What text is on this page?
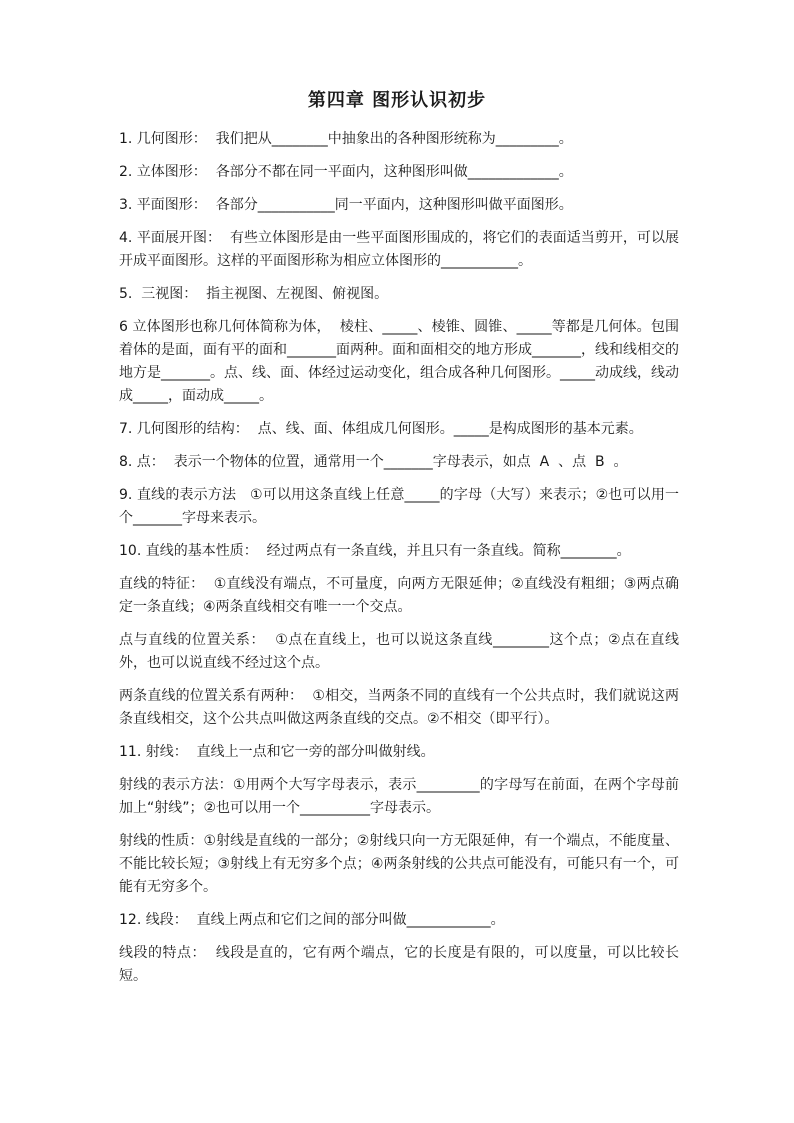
第四章 图形认识初步

1. 几何图形：  我们把从________中抽象出的各种图形统称为_________。

2. 立体图形：  各部分不都在同一平面内，这种图形叫做_____________。

3. 平面图形：  各部分___________同一平面内，这种图形叫做平面图形。

4. 平面展开图：  有些立体图形是由一些平面图形围成的，将它们的表面适当剪开，可以展开成平面图形。这样的平面图形称为相应立体图形的___________。

5.  三视图：  指主视图、左视图、俯视图。

6 立体图形也称几何体简称为体，  棱柱、_____、棱锥、圆锥、_____等都是几何体。包围着体的是面，面有平的面和_______面两种。面和面相交的地方形成_______，线和线相交的地方是_______。点、线、面、体经过运动变化，组合成各种几何图形。_____动成线，线动成_____，面动成_____。

7. 几何图形的结构：  点、线、面、体组成几何图形。_____是构成图形的基本元素。

8. 点：  表示一个物体的位置，通常用一个_______字母表示，如点  A  、点  B  。

9. 直线的表示方法   ①可以用这条直线上任意_____的字母（大写）来表示；②也可以用一个_______字母来表示。

10. 直线的基本性质：  经过两点有一条直线，并且只有一条直线。简称________。

直线的特征：  ①直线没有端点，不可量度，向两方无限延伸；②直线没有粗细；③两点确定一条直线；④两条直线相交有唯一一个交点。

点与直线的位置关系：  ①点在直线上，也可以说这条直线________这个点；②点在直线外，也可以说直线不经过这个点。

两条直线的位置关系有两种：  ①相交，当两条不同的直线有一个公共点时，我们就说这两条直线相交，这个公共点叫做这两条直线的交点。②不相交（即平行）。

11. 射线：  直线上一点和它一旁的部分叫做射线。

射线的表示方法：①用两个大写字母表示，表示_________的字母写在前面，在两个字母前加上“射线”；②也可以用一个__________字母表示。

射线的性质：①射线是直线的一部分；②射线只向一方无限延伸，有一个端点，不能度量、不能比较长短；③射线上有无穷多个点；④两条射线的公共点可能没有，可能只有一个，可能有无穷多个。

12. 线段：  直线上两点和它们之间的部分叫做____________。

线段的特点：  线段是直的，它有两个端点，它的长度是有限的，可以度量，可以比较长短。
